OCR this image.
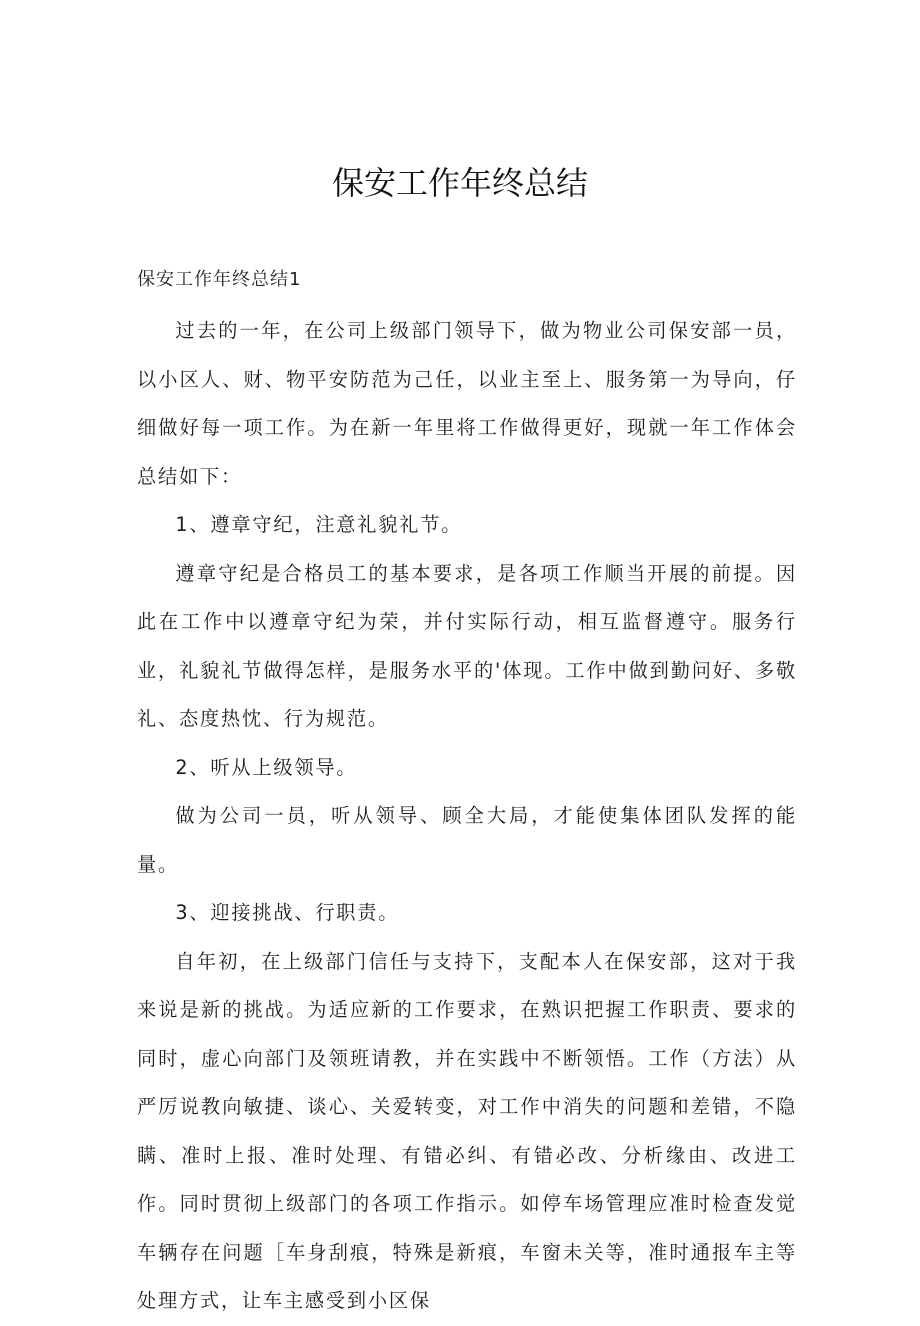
保安工作年终总结
保安工作年终总结1

过去的一年，在公司上级部门领导下，做为物业公司保安部一员，以小区人、财、物平安防范为己任，以业主至上、服务第一为导向，仔细做好每一项工作。为在新一年里将工作做得更好，现就一年工作体会总结如下：

1、遵章守纪，注意礼貌礼节。

遵章守纪是合格员工的基本要求，是各项工作顺当开展的前提。因此在工作中以遵章守纪为荣，并付实际行动，相互监督遵守。服务行业，礼貌礼节做得怎样，是服务水平的'体现。工作中做到勤问好、多敬礼、态度热忱、行为规范。

2、听从上级领导。

做为公司一员，听从领导、顾全大局，才能使集体团队发挥的能量。

3、迎接挑战、行职责。

自年初，在上级部门信任与支持下，支配本人在保安部，这对于我来说是新的挑战。为适应新的工作要求，在熟识把握工作职责、要求的同时，虚心向部门及领班请教，并在实践中不断领悟。工作（方法）从严厉说教向敏捷、谈心、关爱转变，对工作中消失的问题和差错，不隐瞒、准时上报、准时处理、有错必纠、有错必改、分析缘由、改进工作。同时贯彻上级部门的各项工作指示。如停车场管理应准时检查发觉车辆存在问题［车身刮痕，特殊是新痕，车窗未关等，准时通报车主等处理方式，让车主感受到小区保
